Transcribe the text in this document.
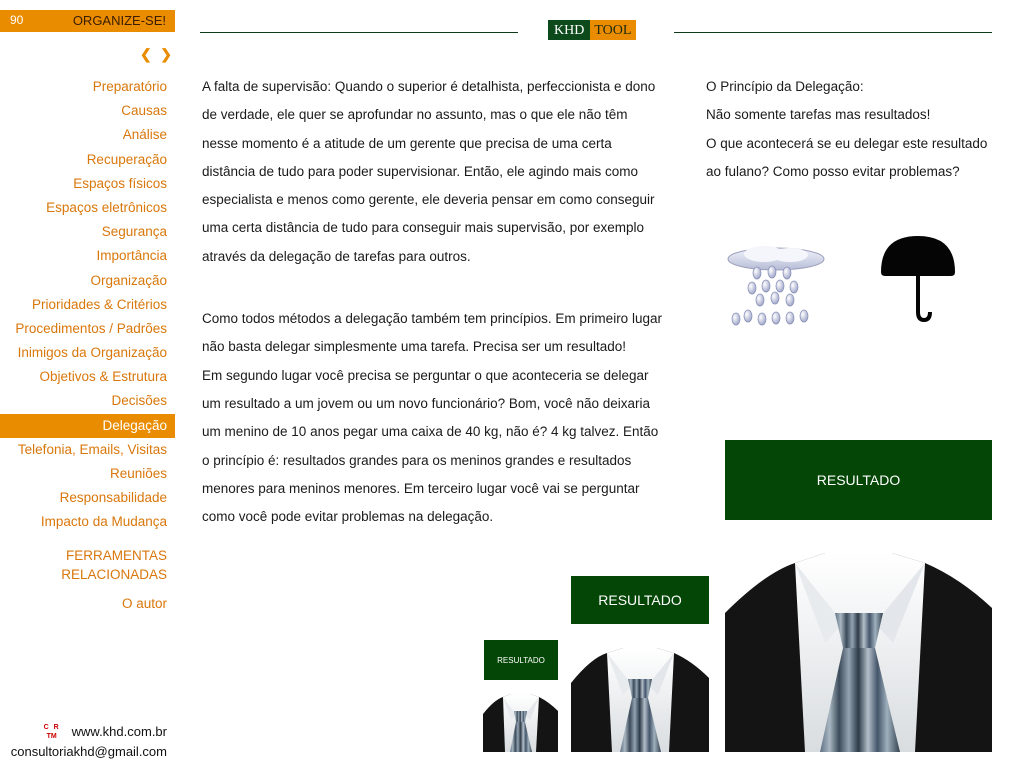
90	ORGANIZE-SE!
❮ ❯
Preparatório
Causas
Análise
Recuperação
Espaços físicos
Espaços eletrônicos
Segurança
Importância
Organização
Prioridades & Critérios
Procedimentos / Padrões
Inimigos da Organização
Objetivos & Estrutura
Decisões
Delegação
Telefonia, Emails, Visitas
Reuniões
Responsabilidade
Impacto da Mudança
FERRAMENTAS
RELACIONADAS
O autor
C R
TM www.khd.com.br
consultoriakhd@gmail.com
KHD TOOL

A falta de supervisão: Quando o superior é detalhista, perfeccionista e dono de verdade, ele quer se aprofundar no assunto, mas o que ele não têm nesse momento é a atitude de um gerente que precisa de uma certa distância de tudo para poder supervisionar. Então, ele agindo mais como especialista e menos como gerente, ele deveria pensar em como conseguir uma certa distância de tudo para conseguir mais supervisão, por exemplo através da delegação de tarefas para outros.

Como todos métodos a delegação também tem princípios. Em primeiro lugar não basta delegar simplesmente uma tarefa. Precisa ser um resultado!

Em segundo lugar você precisa se perguntar o que aconteceria se delegar um resultado a um jovem ou um novo funcionário? Bom, você não deixaria um menino de 10 anos pegar uma caixa de 40 kg, não é? 4 kg talvez. Então o princípio é: resultados grandes para os meninos grandes e resultados menores para meninos menores. Em terceiro lugar você vai se perguntar como você pode evitar problemas na delegação.

O Princípio da Delegação:
Não somente tarefas mas resultados!
O que acontecerá se eu delegar este resultado ao fulano? Como posso evitar problemas?
RESULTADO
RESULTADO
RESULTADO
